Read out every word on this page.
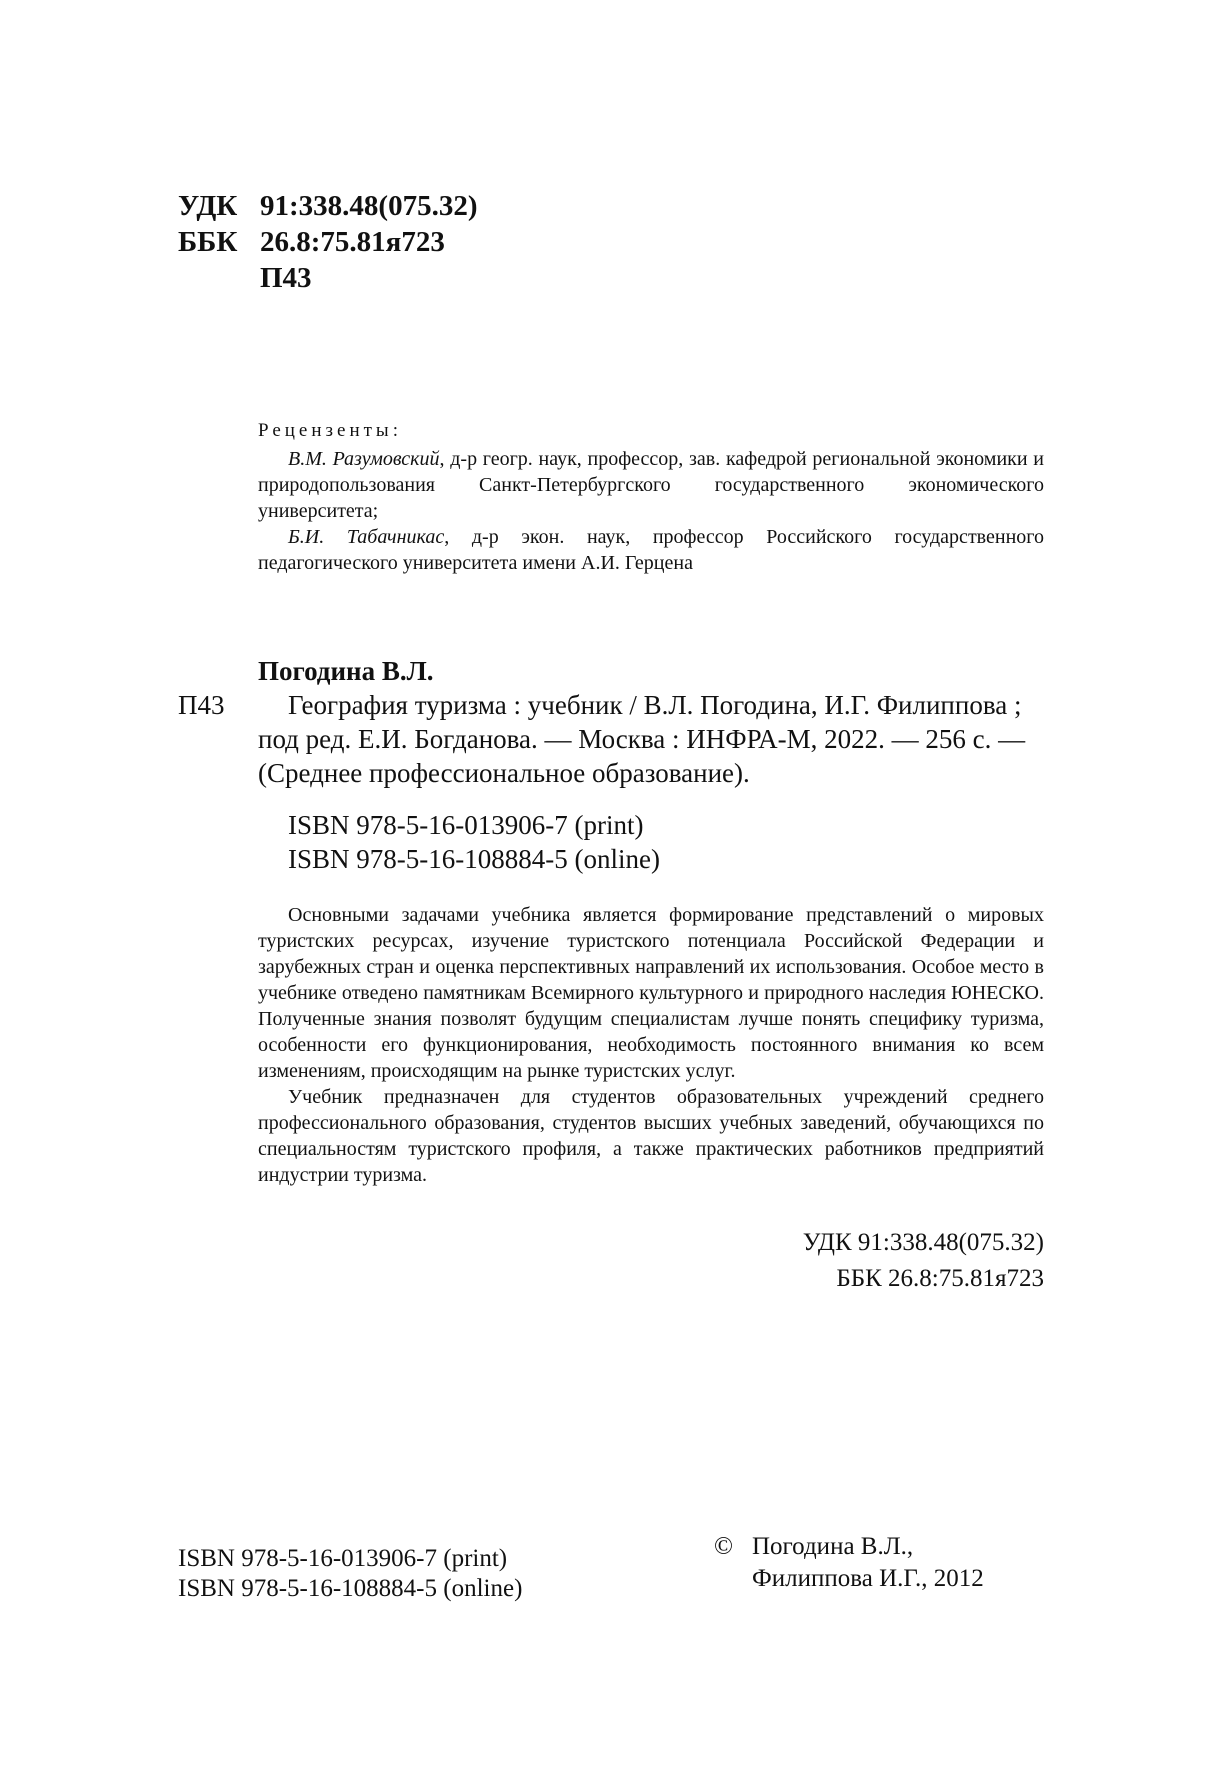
УДК 91:338.48(075.32)
ББК 26.8:75.81я723
П43
Рецензенты:

В.М. Разумовский, д-р геогр. наук, профессор, зав. кафедрой региональной экономики и природопользования Санкт-Петербургского государственного экономического университета;

Б.И. Табачникас, д-р экон. наук, профессор Российского государственного педагогического университета имени А.И. Герцена

Погодина В.Л.
П43 География туризма : учебник / В.Л. Погодина, И.Г. Филиппова ;
под ред. Е.И. Богданова. — Москва : ИНФРА-М, 2022. — 256 с. —
(Среднее профессиональное образование).
ISBN 978-5-16-013906-7 (print)
ISBN 978-5-16-108884-5 (online)

Основными задачами учебника является формирование представлений о мировых туристских ресурсах, изучение туристского потенциала Российской Федерации и зарубежных стран и оценка перспективных направлений их использования. Особое место в учебнике отведено памятникам Всемирного культурного и природного наследия ЮНЕСКО. Полученные знания позволят будущим специалистам лучше понять специфику туризма, особенности его функционирования, необходимость постоянного внимания ко всем изменениям, происходящим на рынке туристских услуг.

Учебник предназначен для студентов образовательных учреждений среднего профессионального образования, студентов высших учебных заведений, обучающихся по специальностям туристского профиля, а также практических работников предприятий индустрии туризма.

УДК 91:338.48(075.32)
ББК 26.8:75.81я723
ISBN 978-5-16-013906-7 (print)
ISBN 978-5-16-108884-5 (online)
© Погодина В.Л.,
Филиппова И.Г., 2012
